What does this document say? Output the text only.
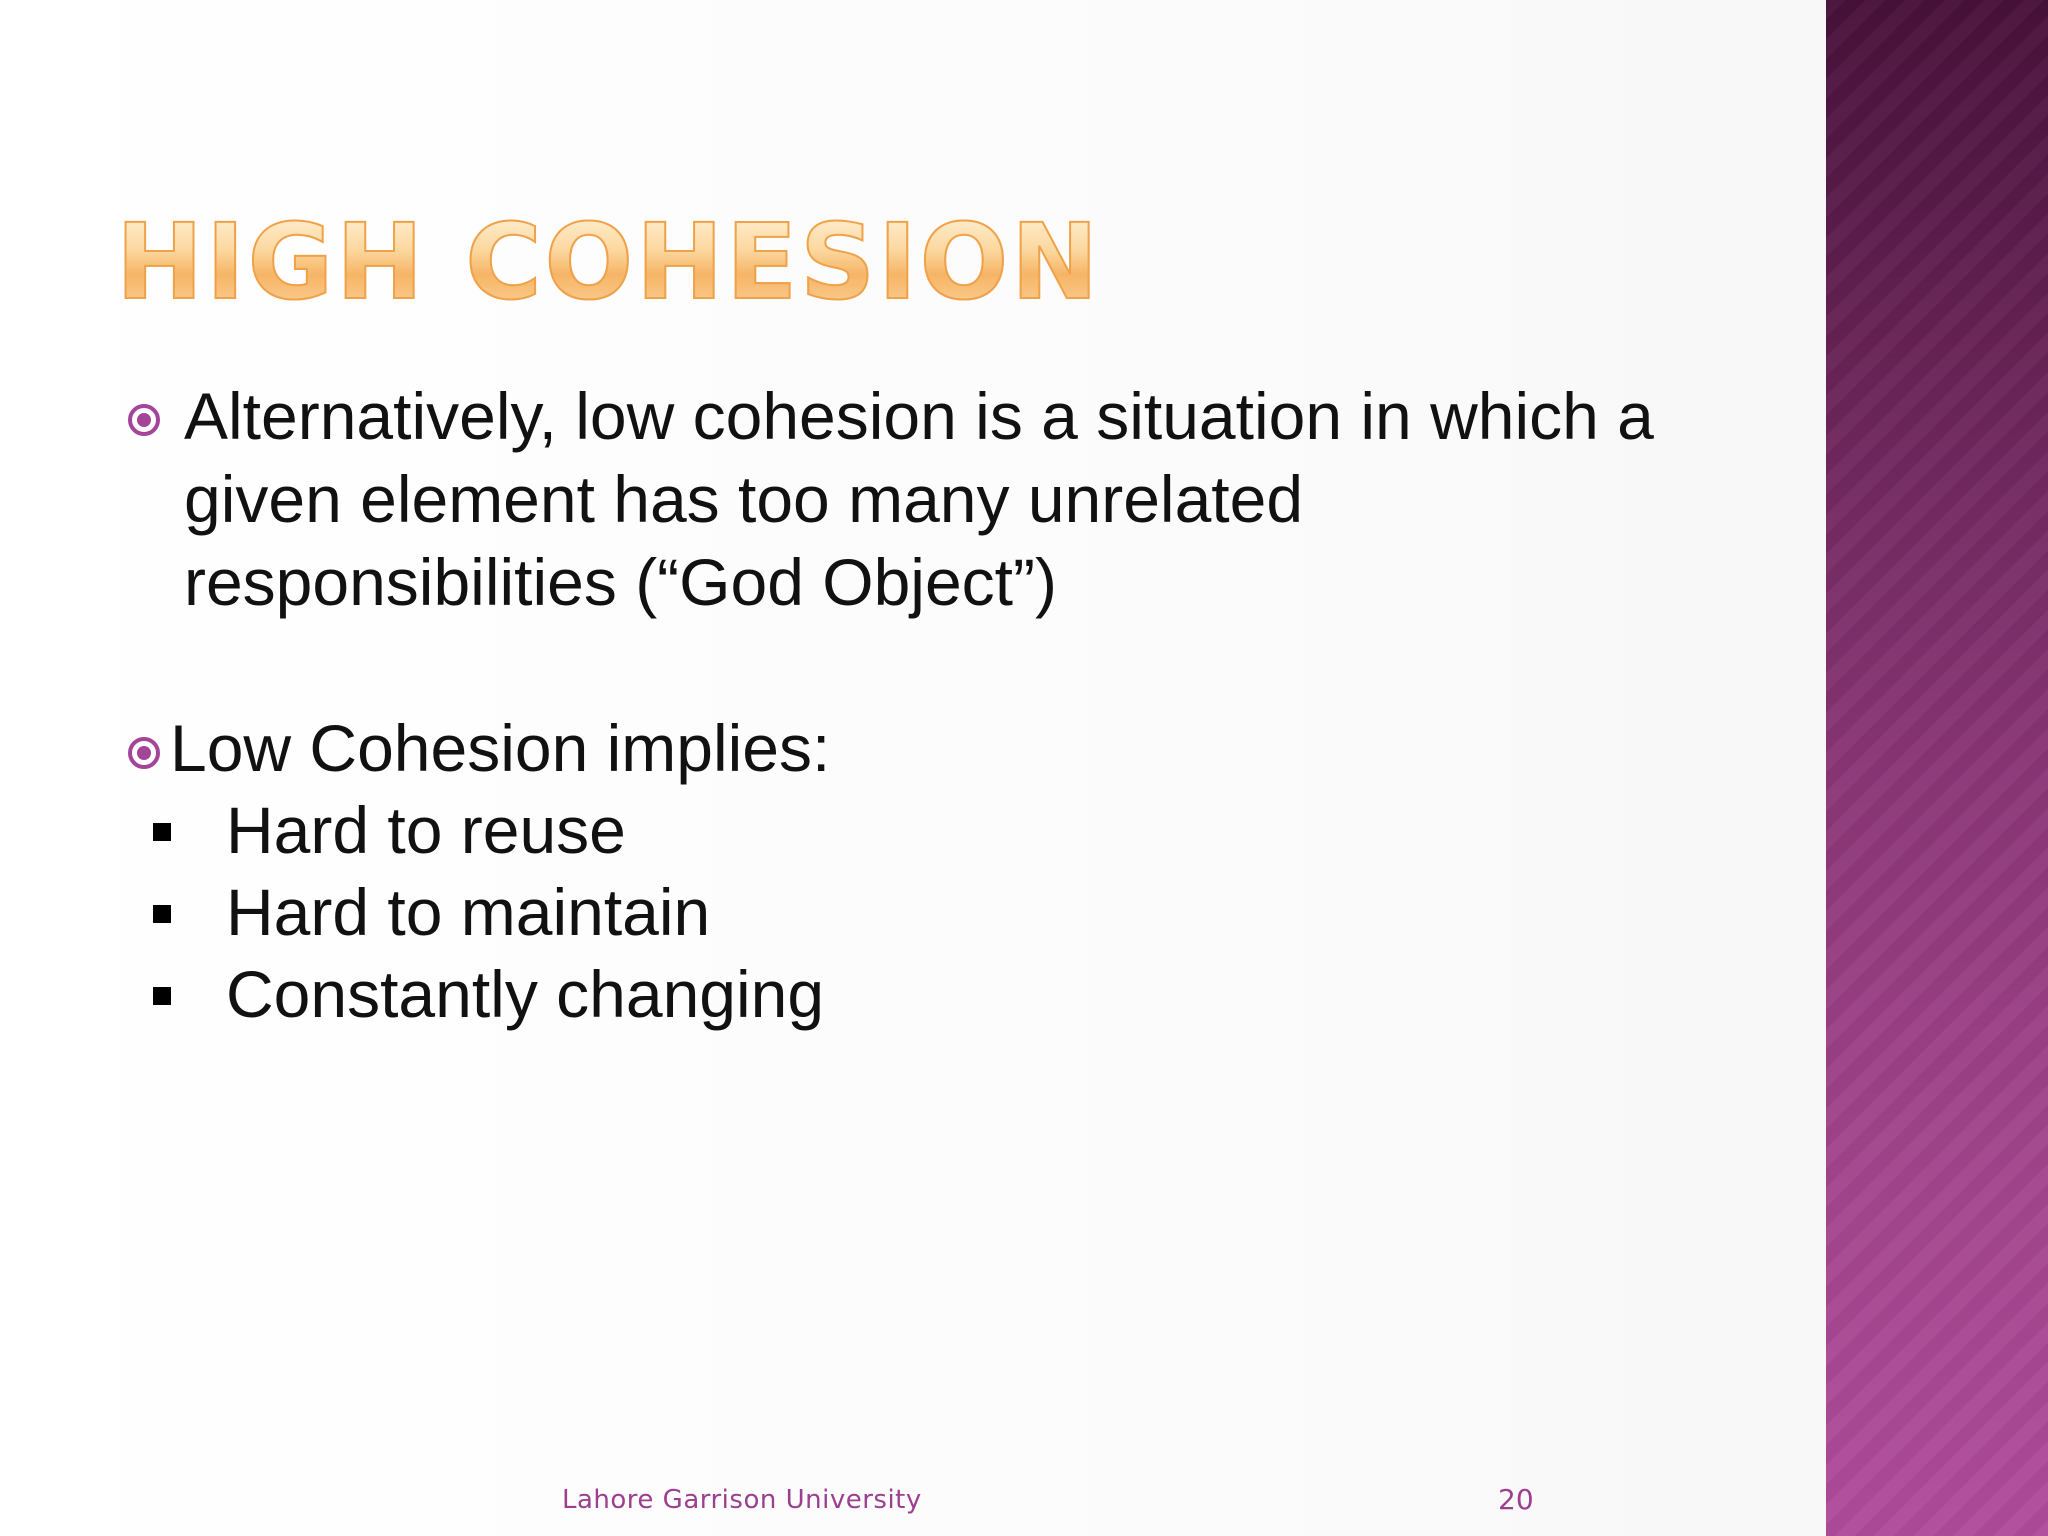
HIGH COHESION
Alternatively, low cohesion is a situation in which a given element has too many unrelated responsibilities (“God Object”)
Low Cohesion implies:
Hard to reuse
Hard to maintain
Constantly changing
Lahore Garrison University	20
